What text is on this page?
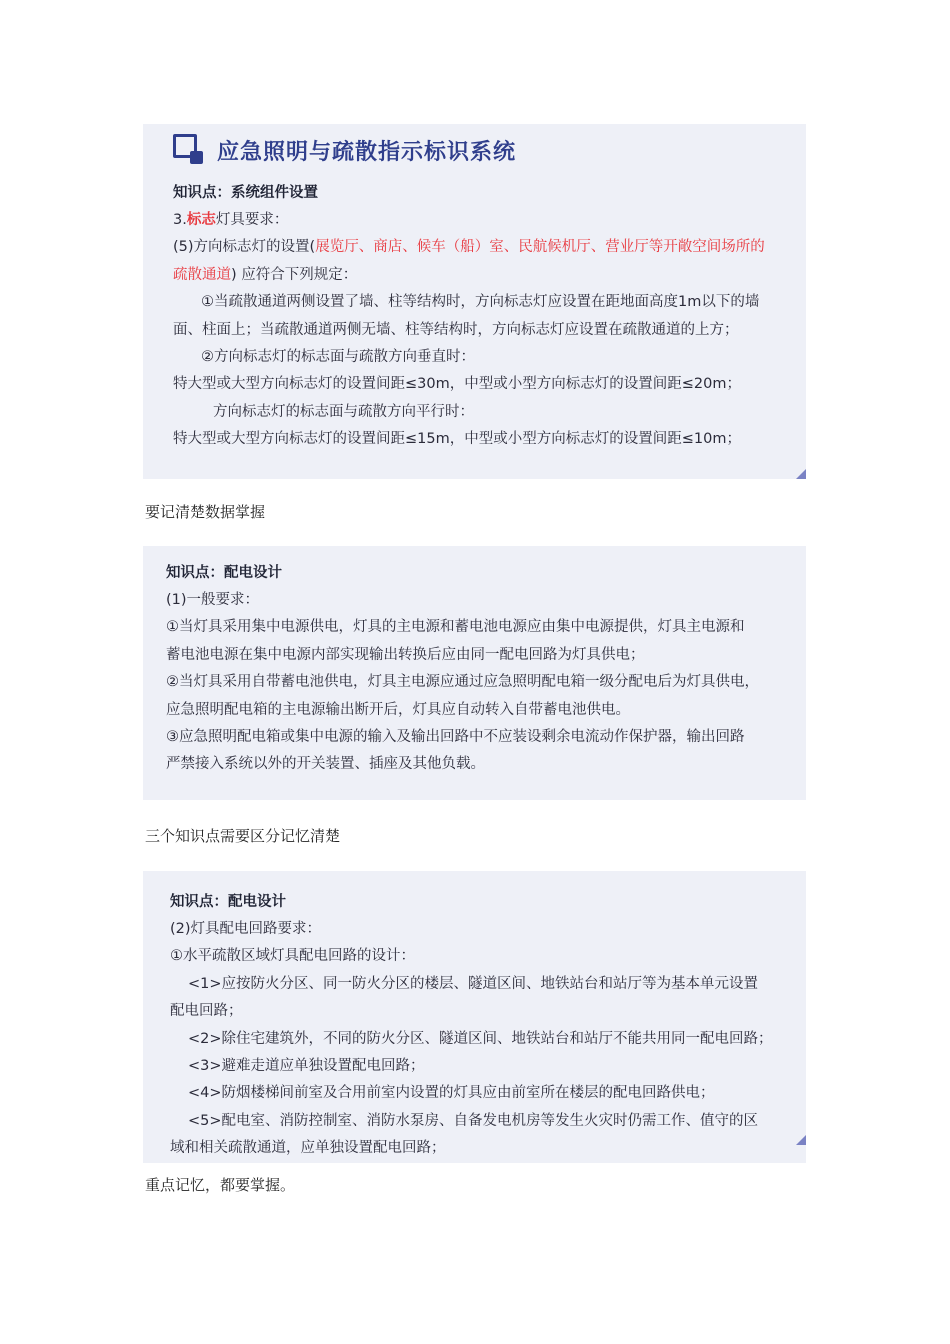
应急照明与疏散指示标识系统
知识点：系统组件设置
3.标志灯具要求：
(5)方向标志灯的设置(展览厅、商店、候车（船）室、民航候机厅、营业厅等开敞空间场所的
疏散通道) 应符合下列规定：
①当疏散通道两侧设置了墙、柱等结构时，方向标志灯应设置在距地面高度1m以下的墙
面、柱面上；当疏散通道两侧无墙、柱等结构时，方向标志灯应设置在疏散通道的上方；
②方向标志灯的标志面与疏散方向垂直时：
特大型或大型方向标志灯的设置间距≤30m，中型或小型方向标志灯的设置间距≤20m；
方向标志灯的标志面与疏散方向平行时：
特大型或大型方向标志灯的设置间距≤15m，中型或小型方向标志灯的设置间距≤10m；
要记清楚数据掌握
知识点：配电设计
(1)一般要求：
①当灯具采用集中电源供电，灯具的主电源和蓄电池电源应由集中电源提供，灯具主电源和
蓄电池电源在集中电源内部实现输出转换后应由同一配电回路为灯具供电；
②当灯具采用自带蓄电池供电，灯具主电源应通过应急照明配电箱一级分配电后为灯具供电，
应急照明配电箱的主电源输出断开后，灯具应自动转入自带蓄电池供电。
③应急照明配电箱或集中电源的输入及输出回路中不应装设剩余电流动作保护器，输出回路
严禁接入系统以外的开关装置、插座及其他负载。
三个知识点需要区分记忆清楚
知识点：配电设计
(2)灯具配电回路要求：
①水平疏散区域灯具配电回路的设计：
<1>应按防火分区、同一防火分区的楼层、隧道区间、地铁站台和站厅等为基本单元设置
配电回路；
<2>除住宅建筑外，不同的防火分区、隧道区间、地铁站台和站厅不能共用同一配电回路；
<3>避难走道应单独设置配电回路；
<4>防烟楼梯间前室及合用前室内设置的灯具应由前室所在楼层的配电回路供电；
<5>配电室、消防控制室、消防水泵房、自备发电机房等发生火灾时仍需工作、值守的区
域和相关疏散通道，应单独设置配电回路；
重点记忆，都要掌握。
